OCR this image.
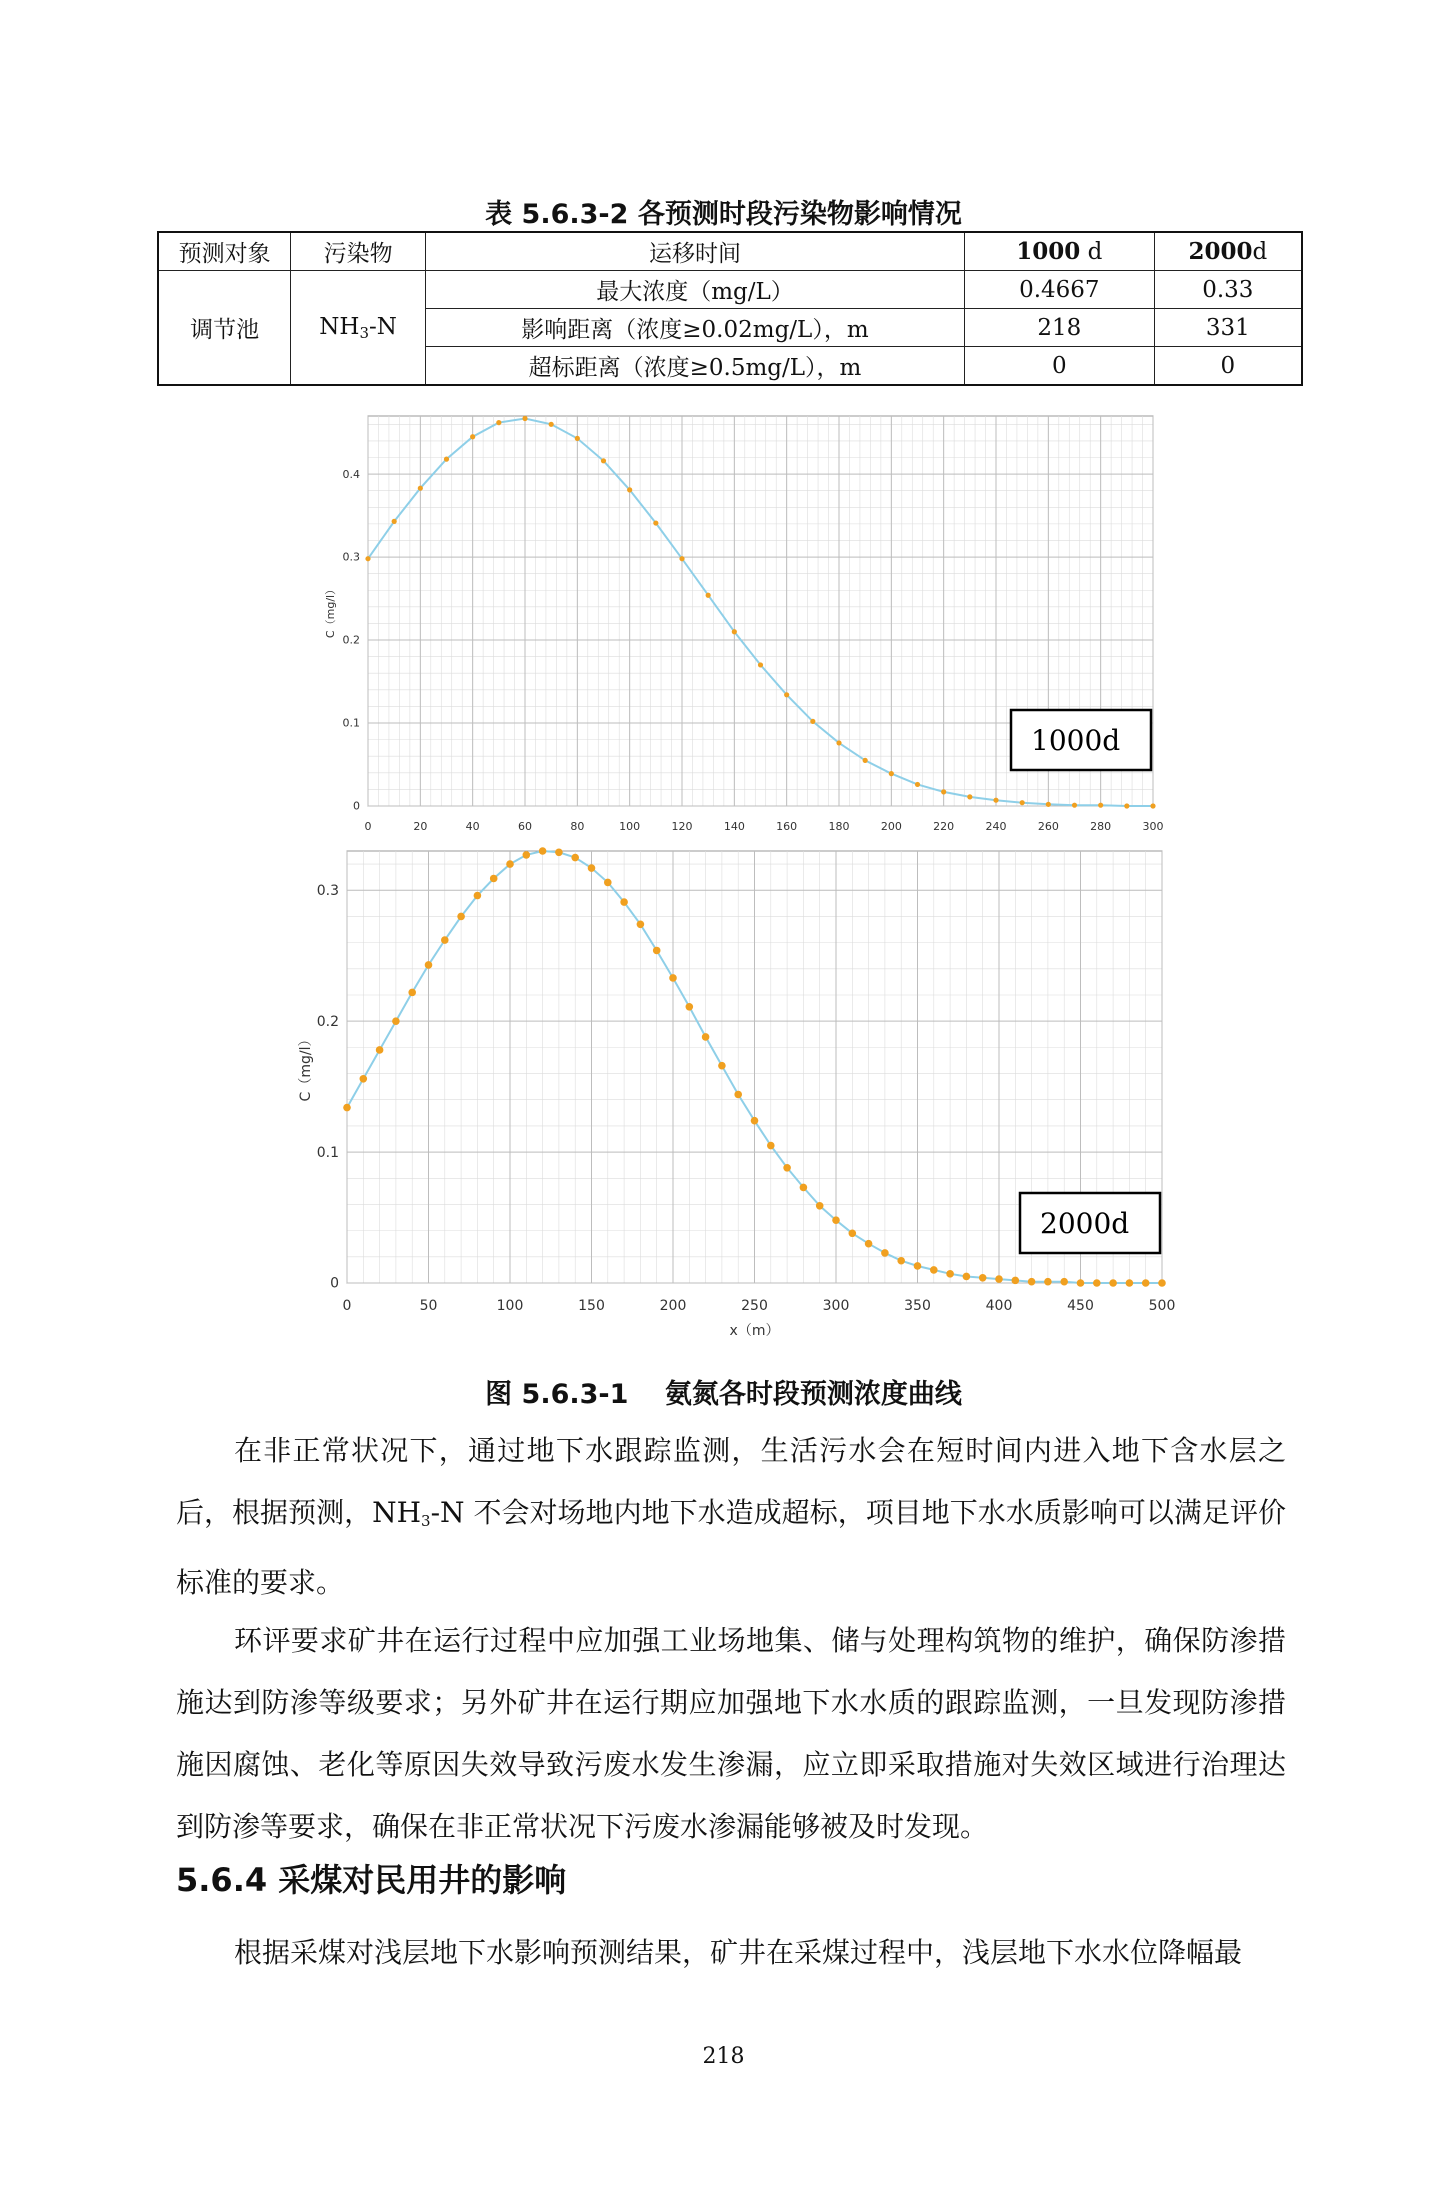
表 5.6.3-2 各预测时段污染物影响情况
预测对象	污染物	运移时间	1000 d	2000d
调节池	$NH_3-N$	最大浓度（mg/L）	0.4667	0.33
		影响距离（浓度≥0.02mg/L），m	218	331
		超标距离（浓度≥0.5mg/L），m	0	0
0	20	40	60	80	100	120	140	160	180	200	220	240	260	280	300
0
0.1
0.2
0.3
0.4
C（mg/l）
1000d
0	50	100	150	200	250	300	350	400	450	500
0
0.1
0.2
0.3
C（mg/l）
x（m）
2000d
图 5.6.3-1　 氨氮各时段预测浓度曲线
在非正常状况下，通过地下水跟踪监测，生活污水会在短时间内进入地下含水层之后，根据预测，$NH_3-N$ 不会对场地内地下水造成超标，项目地下水水质影响可以满足评价标准的要求。
环评要求矿井在运行过程中应加强工业场地集、储与处理构筑物的维护，确保防渗措施达到防渗等级要求；另外矿井在运行期应加强地下水水质的跟踪监测，一旦发现防渗措施因腐蚀、老化等原因失效导致污废水发生渗漏，应立即采取措施对失效区域进行治理达到防渗等要求，确保在非正常状况下污废水渗漏能够被及时发现。
5.6.4 采煤对民用井的影响
根据采煤对浅层地下水影响预测结果，矿井在采煤过程中，浅层地下水水位降幅最
218
